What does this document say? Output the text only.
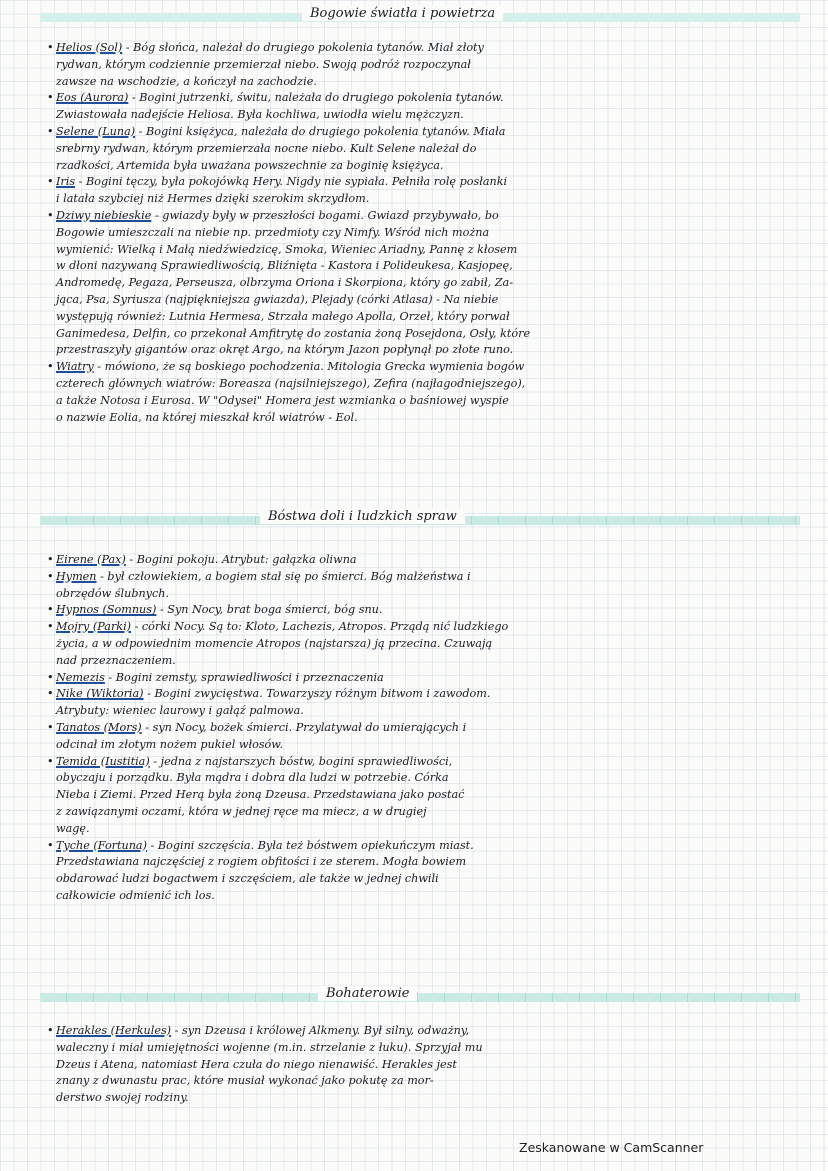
Bogowie światła i powietrza
• Helios (Sol) - Bóg słońca, należał do drugiego pokolenia tytanów. Miał złoty
rydwan, którym codziennie przemierzał niebo. Swoją podróż rozpoczynał
zawsze na wschodzie, a kończył na zachodzie.
• Eos (Aurora) - Bogini jutrzenki, świtu, należała do drugiego pokolenia tytanów.
Zwiastowała nadejście Heliosa. Była kochliwa, uwiodła wielu mężczyzn.
• Selene (Luna) - Bogini księżyca, należała do drugiego pokolenia tytanów. Miała
srebrny rydwan, którym przemierzała nocne niebo. Kult Selene należał do
rzadkości, Artemida była uważana powszechnie za boginię księżyca.
• Iris - Bogini tęczy, była pokojówką Hery. Nigdy nie sypiała. Pełniła rolę posłanki
i latała szybciej niż Hermes dzięki szerokim skrzydłom.
• Dziwy niebieskie - gwiazdy były w przeszłości bogami. Gwiazd przybywało, bo
Bogowie umieszczali na niebie np. przedmioty czy Nimfy. Wśród nich można
wymienić: Wielką i Małą niedźwiedzicę, Smoka, Wieniec Ariadny, Pannę z kłosem
w dłoni nazywaną Sprawiedliwością, Bliźnięta - Kastora i Polideukesa, Kasjopeę,
Andromedę, Pegaza, Perseusza, olbrzyma Oriona i Skorpiona, który go zabił, Za-
jąca, Psa, Syriusza (najpiękniejsza gwiazda), Plejady (córki Atlasa) - Na niebie
występują również: Lutnia Hermesa, Strzała małego Apolla, Orzeł, który porwał
Ganimedesa, Delfin, co przekonał Amfitrytę do zostania żoną Posejdona, Osły, które
przestraszyły gigantów oraz okręt Argo, na którym Jazon popłynął po złote runo.
• Wiatry - mówiono, że są boskiego pochodzenia. Mitologia Grecka wymienia bogów
czterech głównych wiatrów: Boreasza (najsilniejszego), Zefira (najłagodniejszego),
a także Notosa i Eurosa. W "Odysei" Homera jest wzmianka o baśniowej wyspie
o nazwie Eolia, na której mieszkał król wiatrów - Eol.
Bóstwa doli i ludzkich spraw
• Eirene (Pax) - Bogini pokoju. Atrybut: gałązka oliwna
• Hymen - był człowiekiem, a bogiem stał się po śmierci. Bóg małżeństwa i
obrzędów ślubnych.
• Hypnos (Somnus) - Syn Nocy, brat boga śmierci, bóg snu.
• Mojry (Parki) - córki Nocy. Są to: Kloto, Lachezis, Atropos. Prządą nić ludzkiego
życia, a w odpowiednim momencie Atropos (najstarsza) ją przecina. Czuwają
nad przeznaczeniem.
• Nemezis - Bogini zemsty, sprawiedliwości i przeznaczenia
• Nike (Wiktoria) - Bogini zwycięstwa. Towarzyszy różnym bitwom i zawodom.
Atrybuty: wieniec laurowy i gałąź palmowa.
• Tanatos (Mors) - syn Nocy, bożek śmierci. Przylatywał do umierających i
odcinał im złotym nożem pukiel włosów.
• Temida (Iustitia) - jedna z najstarszych bóstw, bogini sprawiedliwości,
obyczaju i porządku. Była mądra i dobra dla ludzi w potrzebie. Córka
Nieba i Ziemi. Przed Herą była żoną Dzeusa. Przedstawiana jako postać
z zawiązanymi oczami, która w jednej ręce ma miecz, a w drugiej
wagę.
• Tyche (Fortuna) - Bogini szczęścia. Była też bóstwem opiekuńczym miast.
Przedstawiana najczęściej z rogiem obfitości i ze sterem. Mogła bowiem
obdarować ludzi bogactwem i szczęściem, ale także w jednej chwili
całkowicie odmienić ich los.
Bohaterowie
• Herakles (Herkules) - syn Dzeusa i królowej Alkmeny. Był silny, odważny,
waleczny i miał umiejętności wojenne (m.in. strzelanie z łuku). Sprzyjał mu
Dzeus i Atena, natomiast Hera czuła do niego nienawiść. Herakles jest
znany z dwunastu prac, które musiał wykonać jako pokutę za mor-
derstwo swojej rodziny.
Zeskanowane w CamScanner
